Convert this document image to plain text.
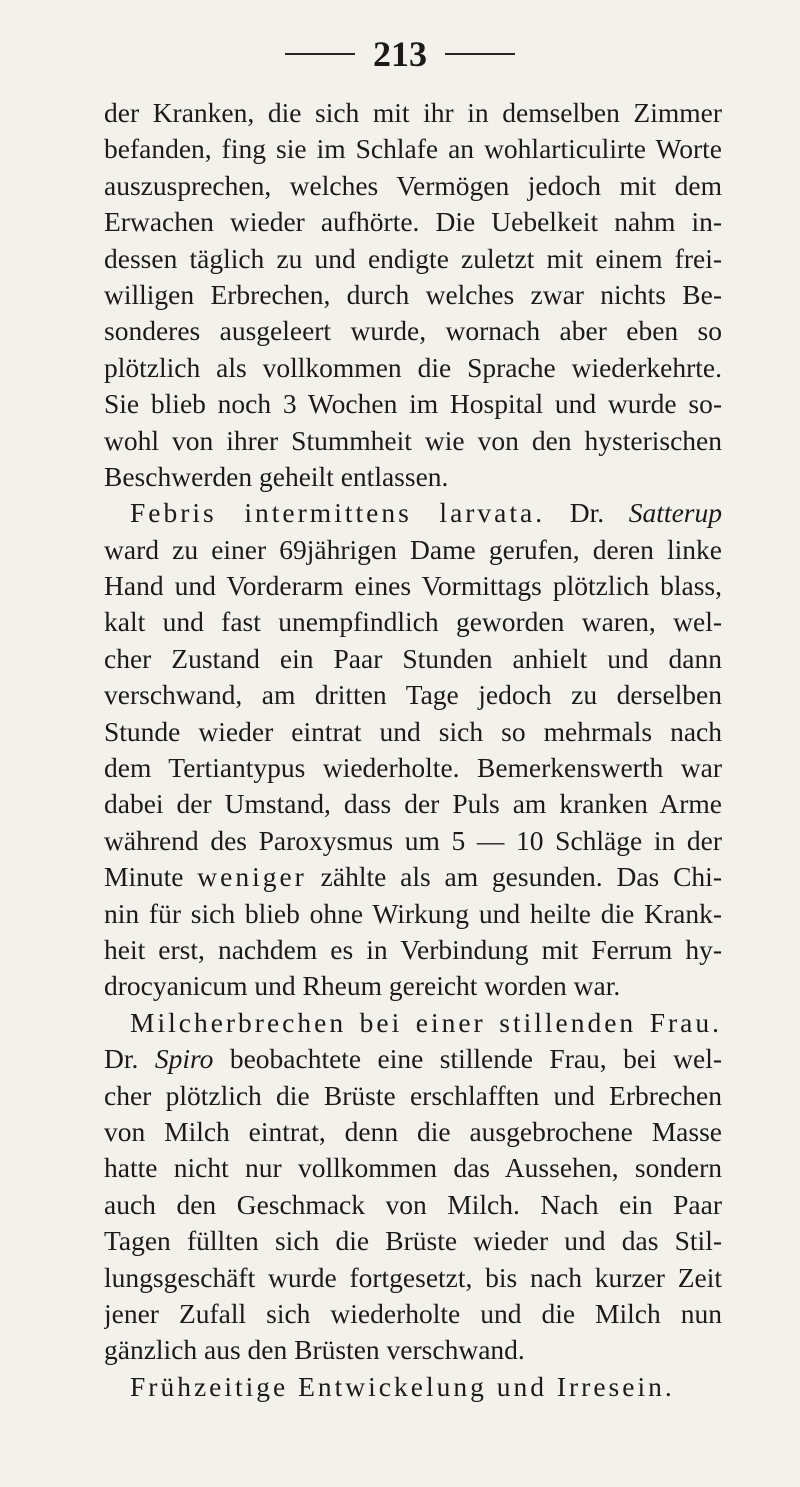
213
der Kranken, die sich mit ihr in demselben Zimmer
befanden, fing sie im Schlafe an wohlarticulirte Worte
auszusprechen, welches Vermögen jedoch mit dem
Erwachen wieder aufhörte. Die Uebelkeit nahm in-
dessen täglich zu und endigte zuletzt mit einem frei-
willigen Erbrechen, durch welches zwar nichts Be-
sonderes ausgeleert wurde, wornach aber eben so
plötzlich als vollkommen die Sprache wiederkehrte.
Sie blieb noch 3 Wochen im Hospital und wurde so-
wohl von ihrer Stummheit wie von den hysterischen
Beschwerden geheilt entlassen.
Febris intermittens larvata. Dr. Satterup
ward zu einer 69jährigen Dame gerufen, deren linke
Hand und Vorderarm eines Vormittags plötzlich blass,
kalt und fast unempfindlich geworden waren, wel-
cher Zustand ein Paar Stunden anhielt und dann
verschwand, am dritten Tage jedoch zu derselben
Stunde wieder eintrat und sich so mehrmals nach
dem Tertiantypus wiederholte. Bemerkenswerth war
dabei der Umstand, dass der Puls am kranken Arme
während des Paroxysmus um 5 — 10 Schläge in der
Minute weniger zählte als am gesunden. Das Chi-
nin für sich blieb ohne Wirkung und heilte die Krank-
heit erst, nachdem es in Verbindung mit Ferrum hy-
drocyanicum und Rheum gereicht worden war.
Milcherbrechen bei einer stillenden Frau.
Dr. Spiro beobachtete eine stillende Frau, bei wel-
cher plötzlich die Brüste erschlafften und Erbrechen
von Milch eintrat, denn die ausgebrochene Masse
hatte nicht nur vollkommen das Aussehen, sondern
auch den Geschmack von Milch. Nach ein Paar
Tagen füllten sich die Brüste wieder und das Stil-
lungsgeschäft wurde fortgesetzt, bis nach kurzer Zeit
jener Zufall sich wiederholte und die Milch nun
gänzlich aus den Brüsten verschwand.
Frühzeitige Entwickelung und Irresein.
